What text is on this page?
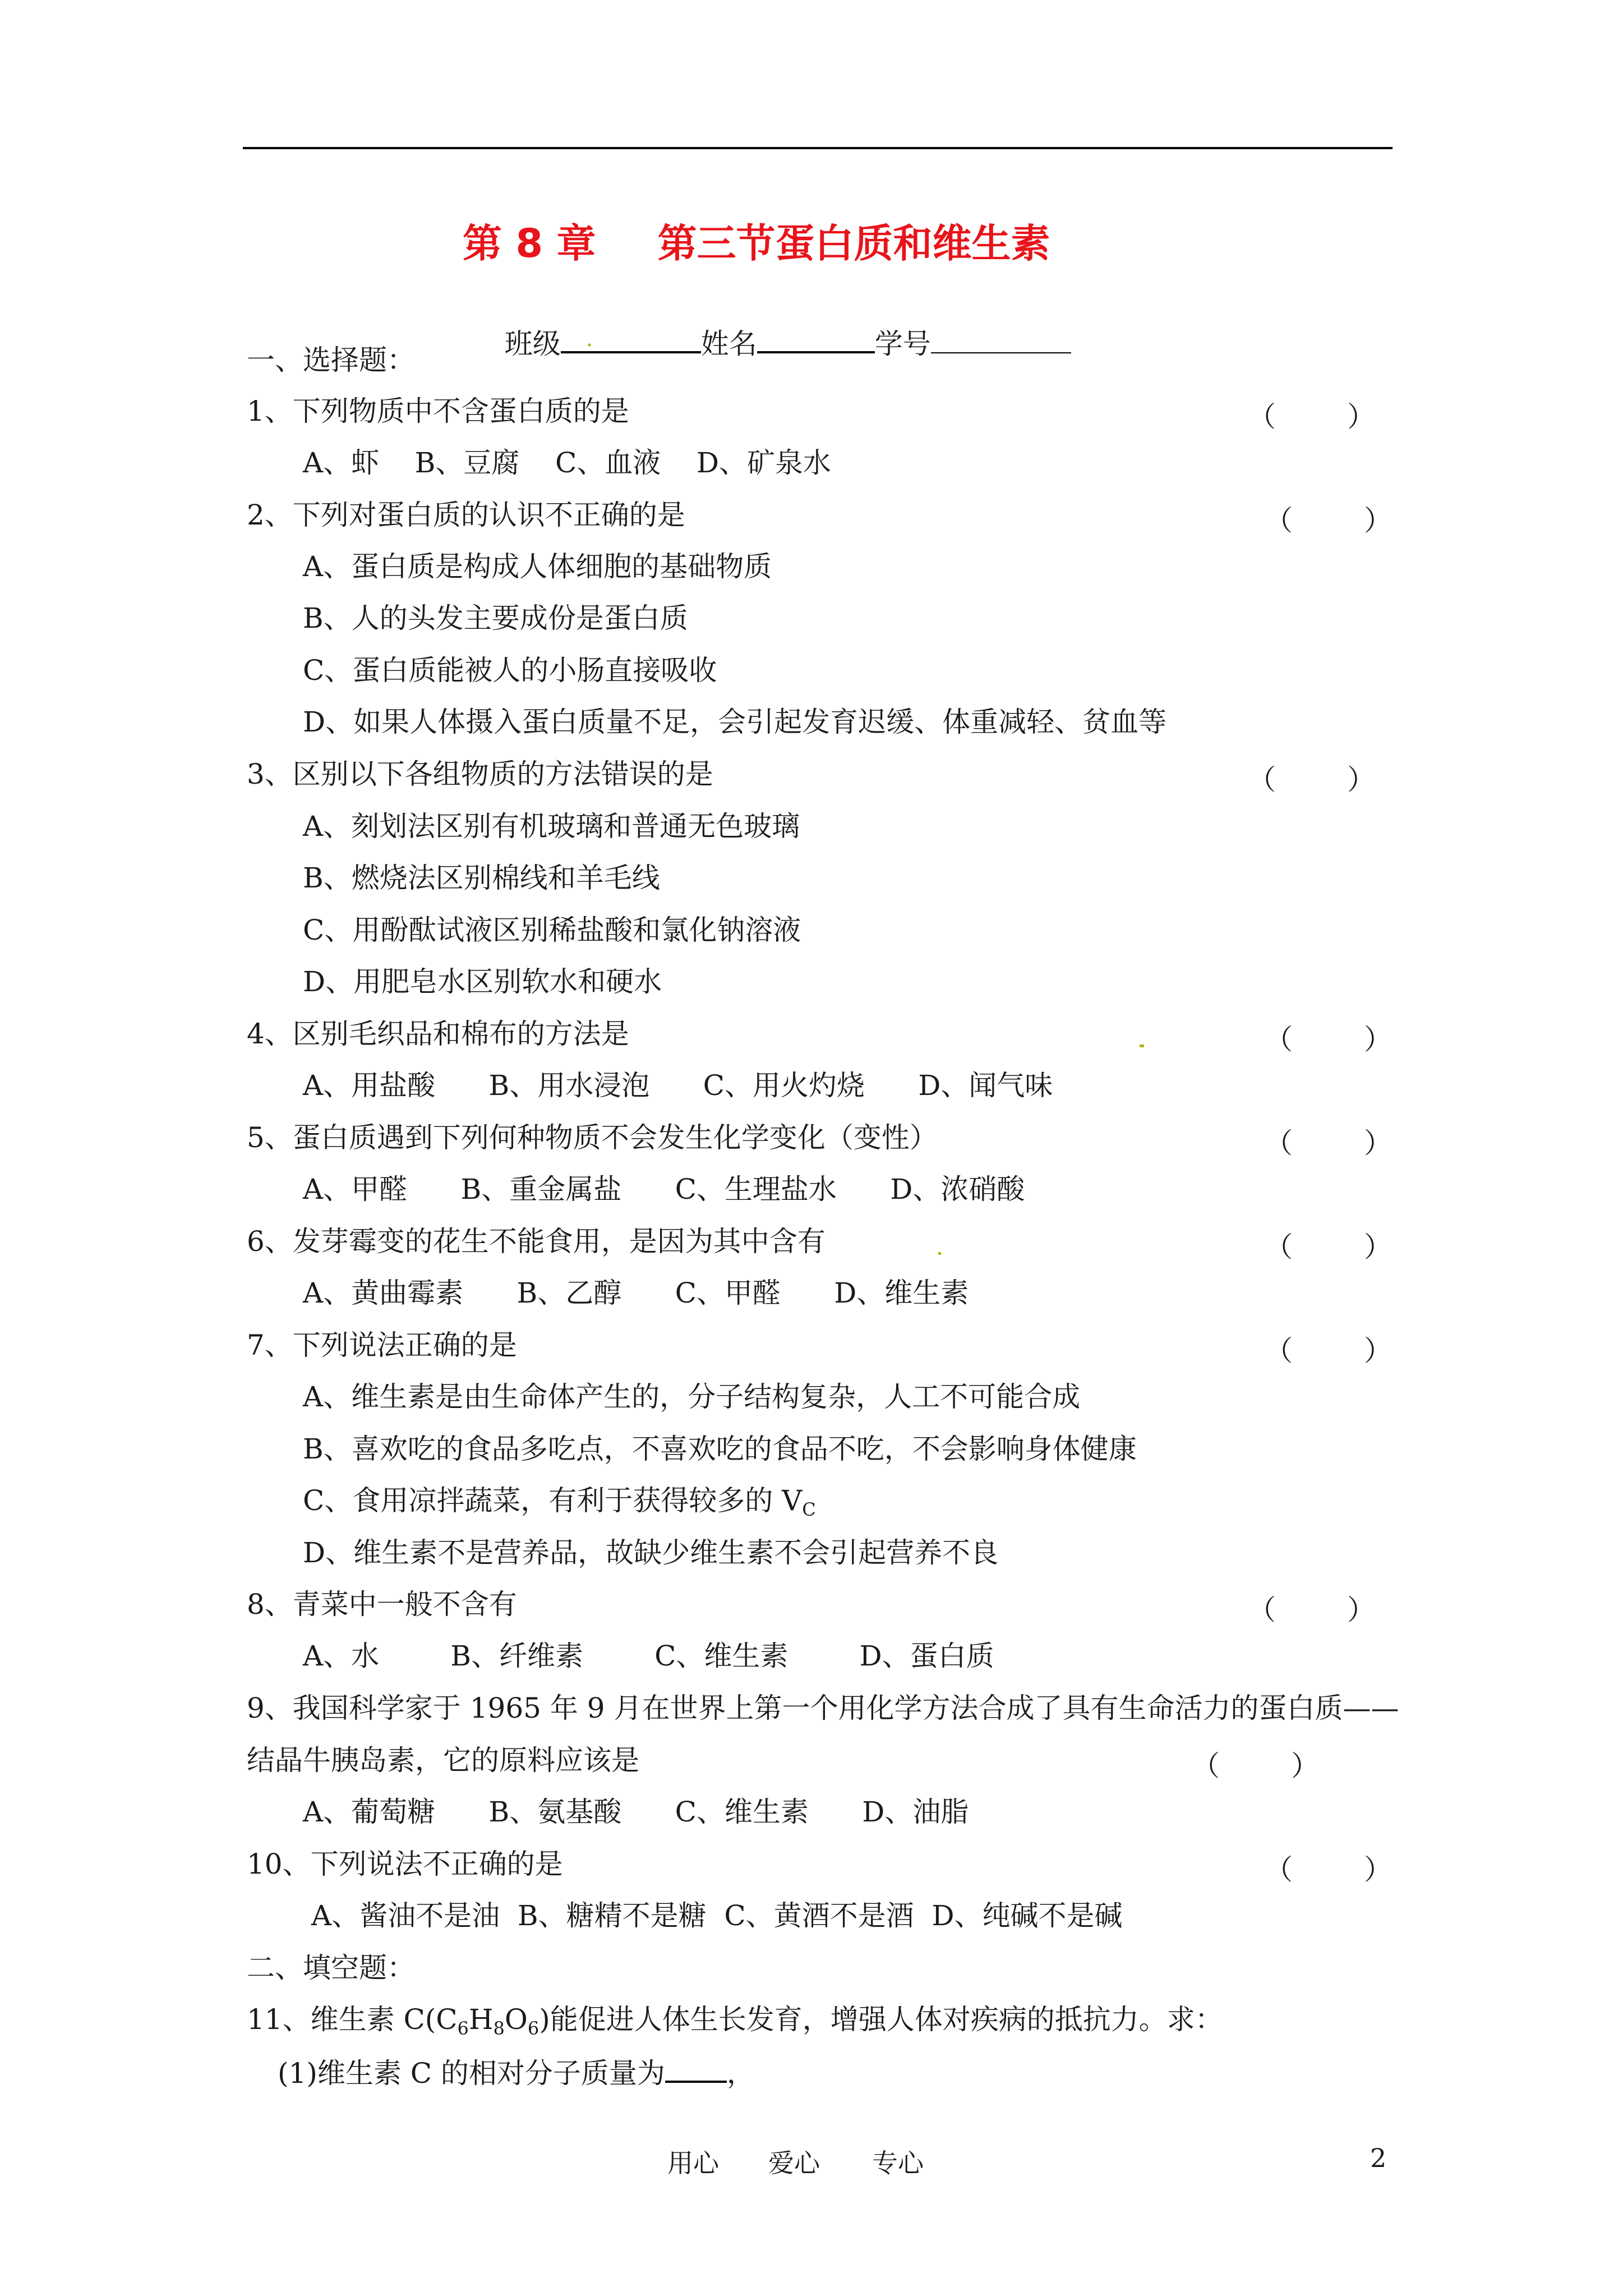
第 8 章 第三节蛋白质和维生素

班级 .	姓名	学号

一、选择题：
1、下列物质中不含蛋白质的是	（        ）
A、虾    B、豆腐    C、血液    D、矿泉水
2、下列对蛋白质的认识不正确的是	（        ）
A、蛋白质是构成人体细胞的基础物质
B、人的头发主要成份是蛋白质
C、蛋白质能被人的小肠直接吸收
D、如果人体摄入蛋白质量不足，会引起发育迟缓、体重减轻、贫血等
3、区别以下各组物质的方法错误的是	（        ）
A、刻划法区别有机玻璃和普通无色玻璃
B、燃烧法区别棉线和羊毛线
C、用酚酞试液区别稀盐酸和氯化钠溶液
D、用肥皂水区别软水和硬水
4、区别毛织品和棉布的方法是	（        ）
A、用盐酸      B、用水浸泡      C、用火灼烧      D、闻气味
5、蛋白质遇到下列何种物质不会发生化学变化（变性）	（        ）
A、甲醛      B、重金属盐      C、生理盐水      D、浓硝酸
6、发芽霉变的花生不能食用，是因为其中含有	（        ）
A、黄曲霉素      B、乙醇      C、甲醛      D、维生素
7、下列说法正确的是	（        ）
A、维生素是由生命体产生的，分子结构复杂，人工不可能合成
B、喜欢吃的食品多吃点，不喜欢吃的食品不吃，不会影响身体健康
C、食用凉拌蔬菜，有利于获得较多的 $V_C$
D、维生素不是营养品，故缺少维生素不会引起营养不良
8、青菜中一般不含有	（        ）
A、水        B、纤维素        C、维生素        D、蛋白质
9、我国科学家于 1965 年 9 月在世界上第一个用化学方法合成了具有生命活力的蛋白质——
结晶牛胰岛素，它的原料应该是	（        ）
A、葡萄糖      B、氨基酸      C、维生素      D、油脂
10、下列说法不正确的是	（        ）
A、酱油不是油  B、糖精不是糖  C、黄酒不是酒  D、纯碱不是碱
二、填空题：
11、维生素 $C(C_6H_8O_6)$能促进人体生长发育，增强人体对疾病的抵抗力。求：
(1)维生素 C 的相对分子质量为 ，
用心 爱心 专心	2
